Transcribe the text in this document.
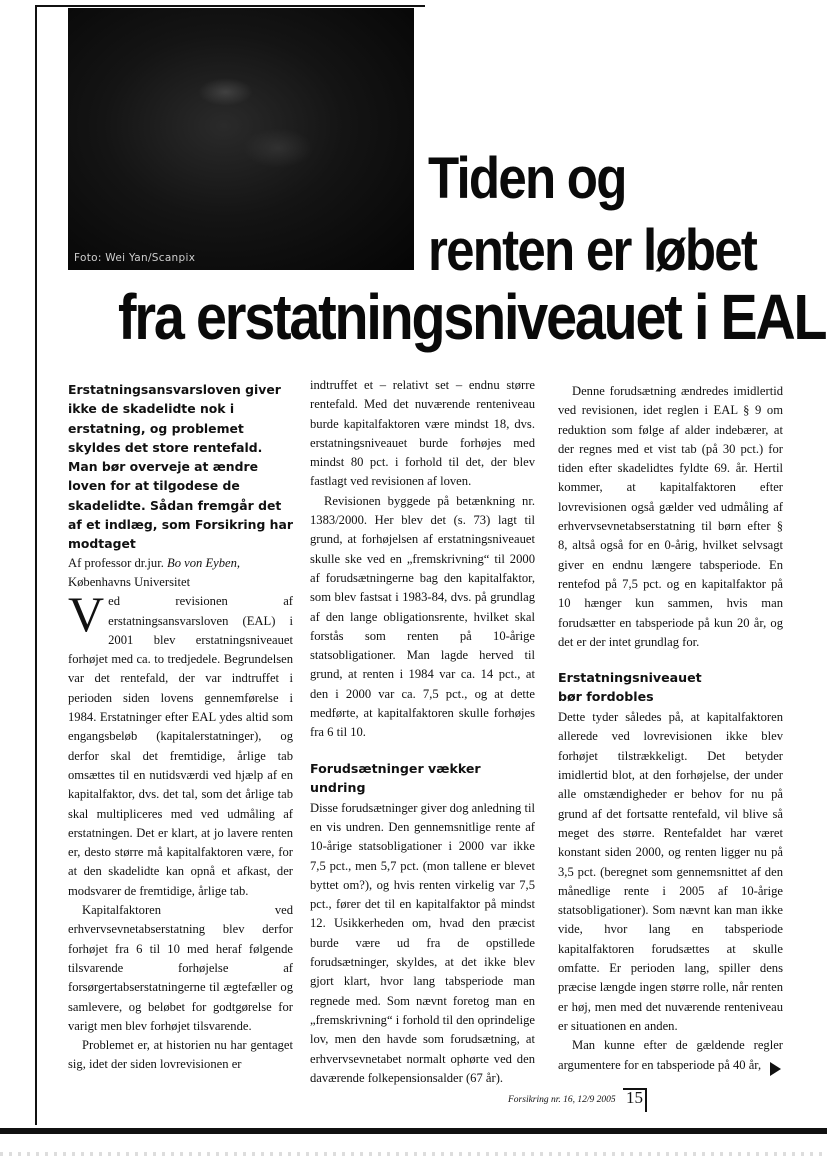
Foto: Wei Yan/Scanpix
Tiden og
renten er løbet
fra erstatningsniveauet i EAL

Erstatningsansvarsloven giver ikke de skadelidte nok i erstatning, og problemet skyldes det store rentefald. Man bør overveje at ændre loven for at tilgodese de skadelidte. Sådan fremgår det af et indlæg, som Forsikring har modtaget

Af professor dr.jur. Bo von Eyben,
Københavns Universitet

Ved revisionen af erstatningsansvarsloven (EAL) i 2001 blev erstatningsniveauet forhøjet med ca. to tredjedele. Begrundelsen var det rentefald, der var indtruffet i perioden siden lovens gennemførelse i 1984. Erstatninger efter EAL ydes altid som engangsbeløb (kapitalerstatninger), og derfor skal det fremtidige, årlige tab omsættes til en nutidsværdi ved hjælp af en kapitalfaktor, dvs. det tal, som det årlige tab skal multipliceres med ved udmåling af erstatningen. Det er klart, at jo lavere renten er, desto større må kapitalfaktoren være, for at den skadelidte kan opnå et afkast, der modsvarer de fremtidige, årlige tab.

Kapitalfaktoren ved erhvervsevnetabserstatning blev derfor forhøjet fra 6 til 10 med heraf følgende tilsvarende forhøjelse af forsørgertabserstatningerne til ægtefæller og samlevere, og beløbet for godtgørelse for varigt men blev forhøjet tilsvarende.

Problemet er, at historien nu har gentaget sig, idet der siden lovrevisionen er

indtruffet et – relativt set – endnu større rentefald. Med det nuværende renteniveau burde kapitalfaktoren være mindst 18, dvs. erstatningsniveauet burde forhøjes med mindst 80 pct. i forhold til det, der blev fastlagt ved revisionen af loven.

Revisionen byggede på betænkning nr. 1383/2000. Her blev det (s. 73) lagt til grund, at forhøjelsen af erstatningsniveauet skulle ske ved en „fremskrivning“ til 2000 af forudsætningerne bag den kapitalfaktor, som blev fastsat i 1983-84, dvs. på grundlag af den lange obligationsrente, hvilket skal forstås som renten på 10-årige statsobligationer. Man lagde herved til grund, at renten i 1984 var ca. 14 pct., at den i 2000 var ca. 7,5 pct., og at dette medførte, at kapitalfaktoren skulle forhøjes fra 6 til 10.

Forudsætninger vækker undring

Disse forudsætninger giver dog anledning til en vis undren. Den gennemsnitlige rente af 10-årige statsobligationer i 2000 var ikke 7,5 pct., men 5,7 pct. (mon tallene er blevet byttet om?), og hvis renten virkelig var 7,5 pct., fører det til en kapitalfaktor på mindst 12. Usikkerheden om, hvad den præcist burde være ud fra de opstillede forudsætninger, skyldes, at det ikke blev gjort klart, hvor lang tabsperiode man regnede med. Som nævnt foretog man en „fremskrivning“ i forhold til den oprindelige lov, men den havde som forudsætning, at erhvervsevnetabet normalt ophørte ved den daværende folkepensionsalder (67 år).

Denne forudsætning ændredes imidlertid ved revisionen, idet reglen i EAL § 9 om reduktion som følge af alder indebærer, at der regnes med et vist tab (på 30 pct.) for tiden efter skadelidtes fyldte 69. år. Hertil kommer, at kapitalfaktoren efter lovrevisionen også gælder ved udmåling af erhvervsevnetabserstatning til børn efter § 8, altså også for en 0-årig, hvilket selvsagt giver en endnu længere tabsperiode. En rentefod på 7,5 pct. og en kapitalfaktor på 10 hænger kun sammen, hvis man forudsætter en tabsperiode på kun 20 år, og det er der intet grundlag for.

Erstatningsniveauet
bør fordobles

Dette tyder således på, at kapitalfaktoren allerede ved lovrevisionen ikke blev forhøjet tilstrækkeligt. Det betyder imidlertid blot, at den forhøjelse, der under alle omstændigheder er behov for nu på grund af det fortsatte rentefald, vil blive så meget des større. Rentefaldet har været konstant siden 2000, og renten ligger nu på 3,5 pct. (beregnet som gennemsnittet af den månedlige rente i 2005 af 10-årige statsobligationer). Som nævnt kan man ikke vide, hvor lang en tabsperiode kapitalfaktoren forudsættes at skulle omfatte. Er perioden lang, spiller dens præcise længde ingen større rolle, når renten er høj, men med det nuværende renteniveau er situationen en anden.

Man kunne efter de gældende regler argumentere for en tabsperiode på 40 år,

Forsikring nr. 16, 12/9 2005 15
